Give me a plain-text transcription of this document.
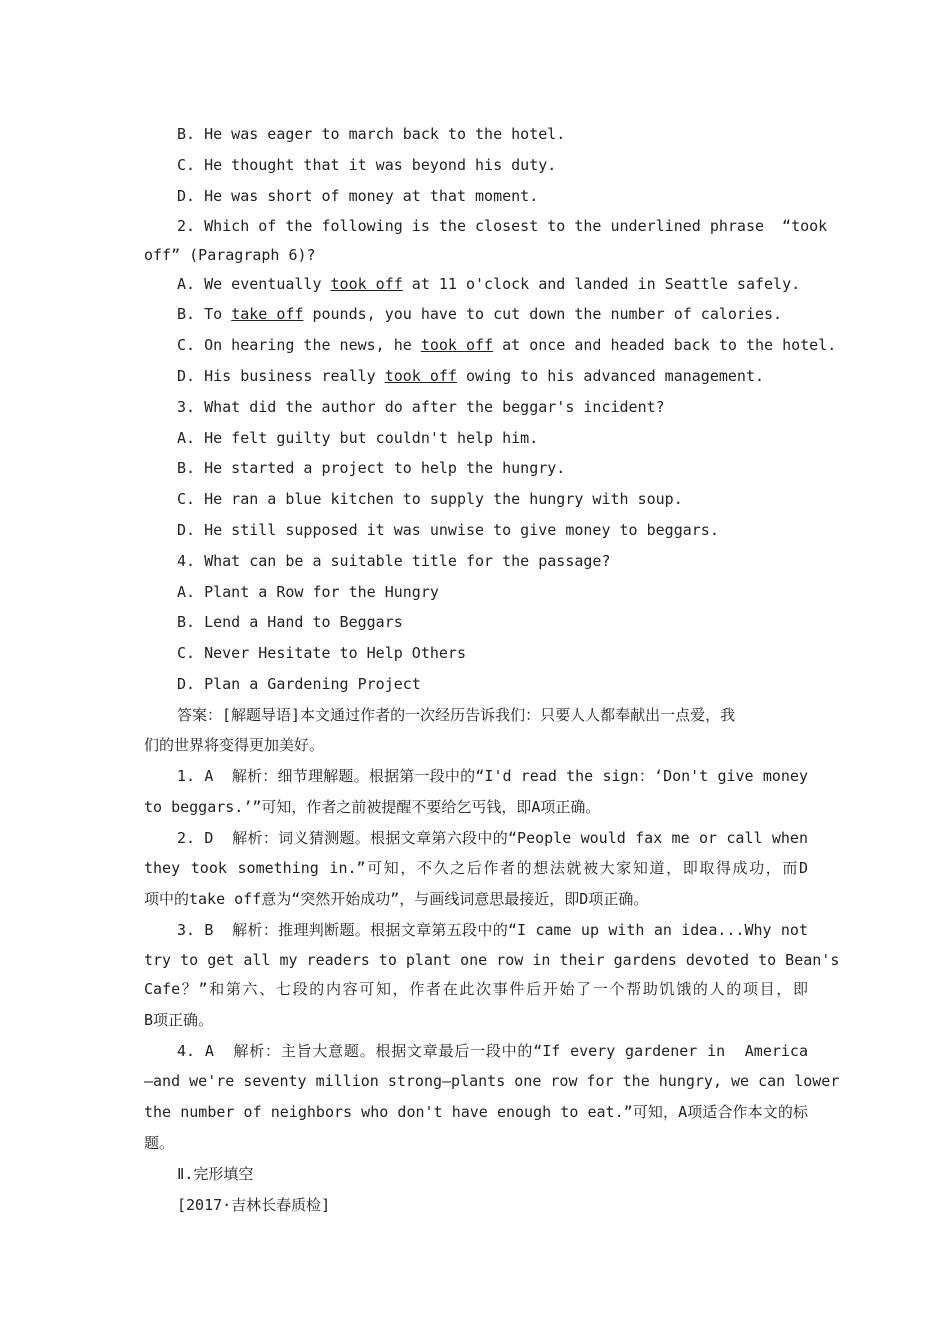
B. He was eager to march back to the hotel.
C. He thought that it was beyond his duty.
D. He was short of money at that moment.
2. Which of the following is the closest to the underlined phrase  “took
off” (Paragraph 6)?
A. We eventually took off at 11 o'clock and landed in Seattle safely.
B. To take off pounds, you have to cut down the number of calories.
C. On hearing the news, he took off at once and headed back to the hotel.
D. His business really took off owing to his advanced management.
3. What did the author do after the beggar's incident?
A. He felt guilty but couldn't help him.
B. He started a project to help the hungry.
C. He ran a blue kitchen to supply the hungry with soup.
D. He still supposed it was unwise to give money to beggars.
4. What can be a suitable title for the passage?
A. Plant a Row for the Hungry
B. Lend a Hand to Beggars
C. Never Hesitate to Help Others
D. Plan a Gardening Project
答案：[解题导语]本文通过作者的一次经历告诉我们：只要人人都奉献出一点爱，我
们的世界将变得更加美好。
1. A  解析：细节理解题。根据第一段中的“I'd read the sign：‘Don't give money
to beggars.’”可知，作者之前被提醒不要给乞丐钱，即A项正确。
2. D  解析：词义猜测题。根据文章第六段中的“People would fax me or call when
they took something in.”可知，不久之后作者的想法就被大家知道，即取得成功，而D
项中的take off意为“突然开始成功”，与画线词意思最接近，即D项正确。
3. B  解析：推理判断题。根据文章第五段中的“I came up with an idea...Why not
try to get all my readers to plant one row in their gardens devoted to Bean's
Cafe？”和第六、七段的内容可知，作者在此次事件后开始了一个帮助饥饿的人的项目，即
B项正确。
4. A  解析：主旨大意题。根据文章最后一段中的“If every gardener in  America
—and we're seventy million strong—plants one row for the hungry, we can lower
the number of neighbors who don't have enough to eat.”可知，A项适合作本文的标
题。
Ⅱ.完形填空
[2017·吉林长春质检]
